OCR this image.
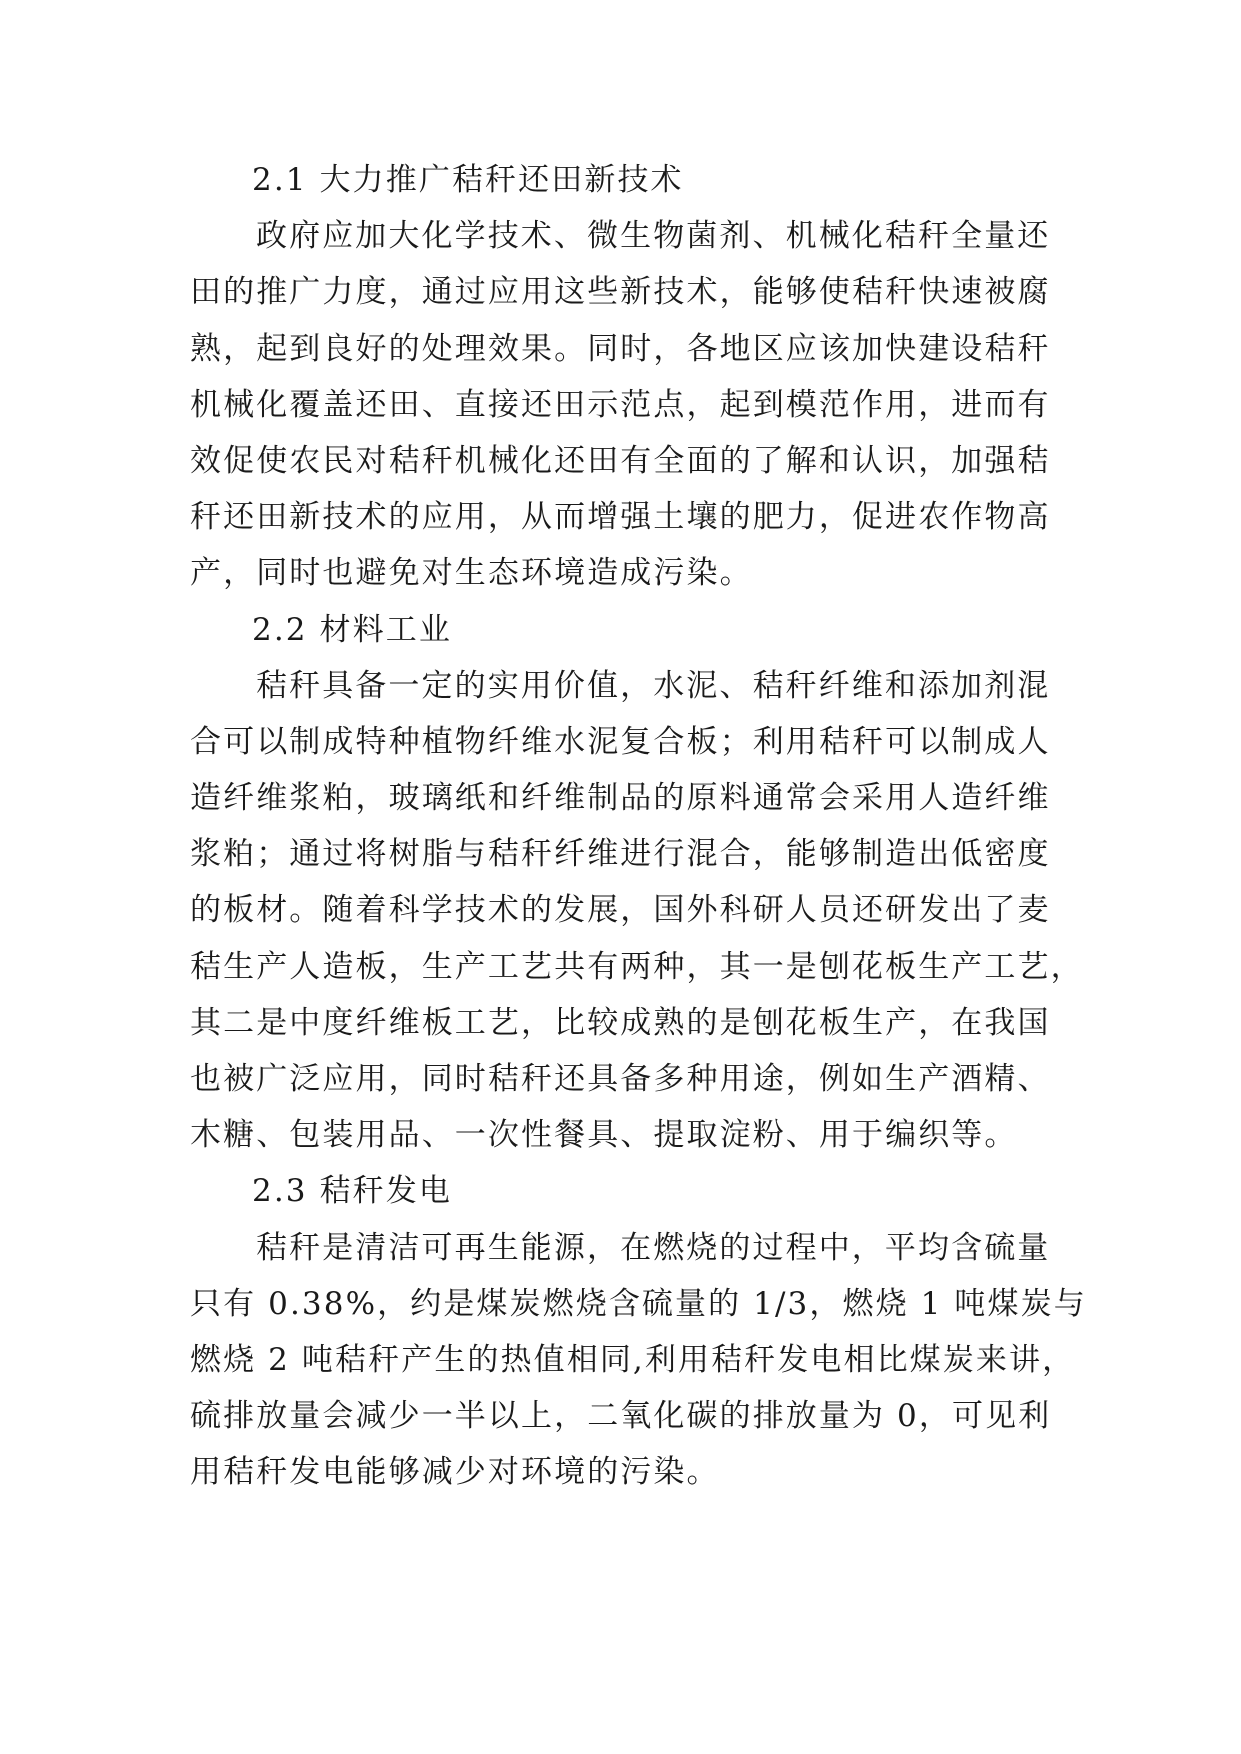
2.1 大力推广秸秆还田新技术
政府应加大化学技术、微生物菌剂、机械化秸秆全量还
田的推广力度，通过应用这些新技术，能够使秸秆快速被腐
熟，起到良好的处理效果。同时，各地区应该加快建设秸秆
机械化覆盖还田、直接还田示范点，起到模范作用，进而有
效促使农民对秸秆机械化还田有全面的了解和认识，加强秸
秆还田新技术的应用，从而增强土壤的肥力，促进农作物高
产，同时也避免对生态环境造成污染。
2.2 材料工业
秸秆具备一定的实用价值，水泥、秸秆纤维和添加剂混
合可以制成特种植物纤维水泥复合板；利用秸秆可以制成人
造纤维浆粕，玻璃纸和纤维制品的原料通常会采用人造纤维
浆粕；通过将树脂与秸秆纤维进行混合，能够制造出低密度
的板材。随着科学技术的发展，国外科研人员还研发出了麦
秸生产人造板，生产工艺共有两种，其一是刨花板生产工艺，
其二是中度纤维板工艺，比较成熟的是刨花板生产，在我国
也被广泛应用，同时秸秆还具备多种用途，例如生产酒精、
木糖、包装用品、一次性餐具、提取淀粉、用于编织等。
2.3 秸秆发电
秸秆是清洁可再生能源，在燃烧的过程中，平均含硫量
只有 0.38%，约是煤炭燃烧含硫量的 1/3，燃烧 1 吨煤炭与
燃烧 2 吨秸秆产生的热值相同,利用秸秆发电相比煤炭来讲，
硫排放量会减少一半以上，二氧化碳的排放量为 0，可见利
用秸秆发电能够减少对环境的污染。
